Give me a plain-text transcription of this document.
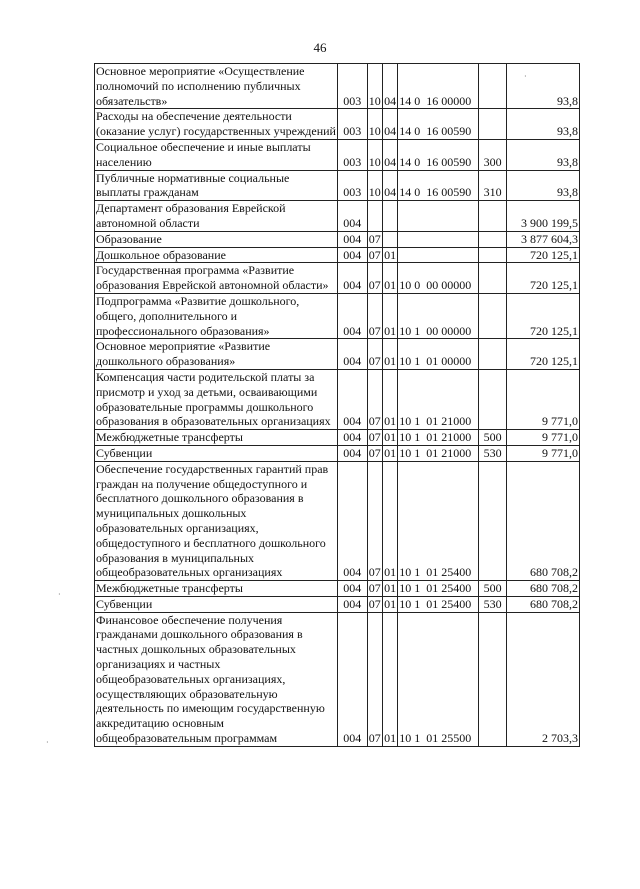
46
Основное мероприятие «Осуществление полномочий по исполнению публичных обязательств»	003	10	04	14 0  16 00000		93,8
Расходы на обеспечение деятельности (оказание услуг) государственных учреждений	003	10	04	14 0  16 00590		93,8
Социальное обеспечение и иные выплаты населению	003	10	04	14 0  16 00590	300	93,8
Публичные нормативные социальные выплаты гражданам	003	10	04	14 0  16 00590	310	93,8
Департамент образования Еврейской автономной области	004					3 900 199,5
Образование	004	07				3 877 604,3
Дошкольное образование	004	07	01			720 125,1
Государственная программа «Развитие образования Еврейской автономной области»	004	07	01	10 0  00 00000		720 125,1
Подпрограмма «Развитие дошкольного, общего, дополнительного и профессионального образования»	004	07	01	10 1  00 00000		720 125,1
Основное мероприятие «Развитие дошкольного образования»	004	07	01	10 1  01 00000		720 125,1
Компенсация части родительской платы за присмотр и уход за детьми, осваивающими образовательные программы дошкольного образования в образовательных организациях	004	07	01	10 1  01 21000		9 771,0
Межбюджетные трансферты	004	07	01	10 1  01 21000	500	9 771,0
Субвенции	004	07	01	10 1  01 21000	530	9 771,0
Обеспечение государственных гарантий прав граждан на получение общедоступного и бесплатного дошкольного образования в муниципальных дошкольных образовательных организациях, общедоступного и бесплатного дошкольного образования в муниципальных общеобразовательных организациях	004	07	01	10 1  01 25400		680 708,2
Межбюджетные трансферты	004	07	01	10 1  01 25400	500	680 708,2
Субвенции	004	07	01	10 1  01 25400	530	680 708,2
Финансовое обеспечение получения гражданами дошкольного образования в частных дошкольных образовательных организациях и частных общеобразовательных организациях, осуществляющих образовательную деятельность по имеющим государственную аккредитацию основным общеобразовательным программам	004	07	01	10 1  01 25500		2 703,3
·
·
·
